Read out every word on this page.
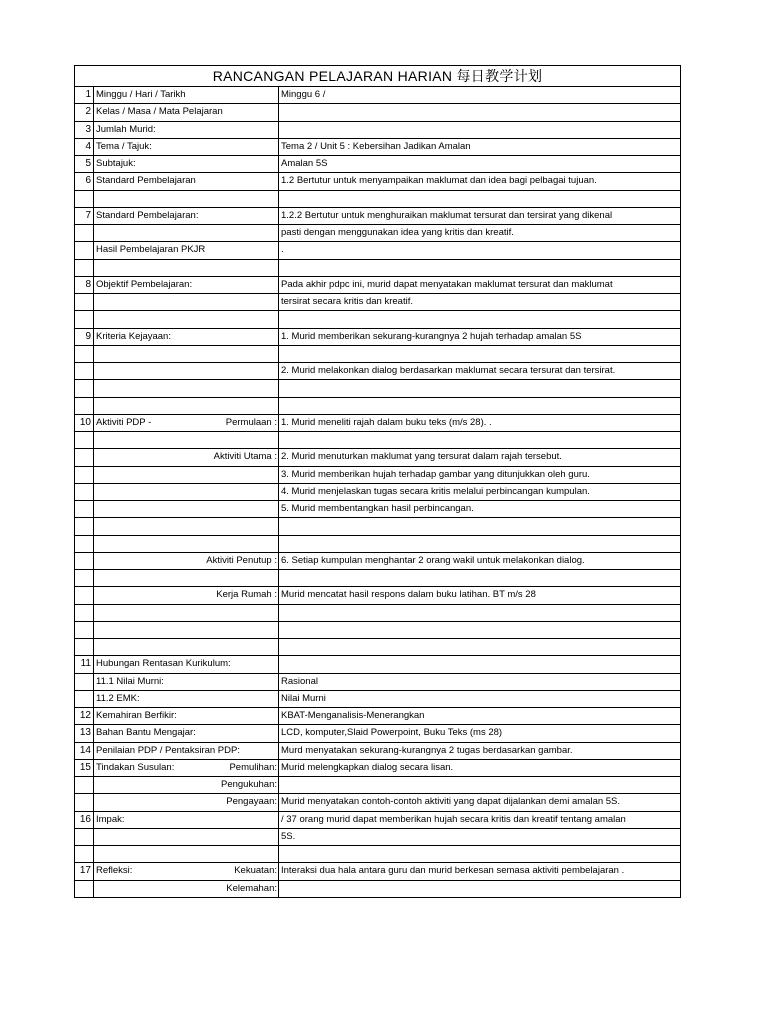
RANCANGAN PELAJARAN HARIAN 每日教学计划
1 Minggu / Hari / Tarikh	Minggu 6 /
2 Kelas / Masa / Mata Pelajaran
3 Jumlah Murid:
4 Tema / Tajuk:	Tema 2 / Unit 5 : Kebersihan Jadikan Amalan
5 Subtajuk:	Amalan 5S
6 Standard Pembelajaran	1.2 Bertutur untuk menyampaikan maklumat dan idea bagi pelbagai tujuan.
7 Standard Pembelajaran:	1.2.2 Bertutur untuk menghuraikan maklumat tersurat dan tersirat yang dikenal
pasti dengan menggunakan idea yang kritis dan kreatif.
Hasil Pembelajaran PKJR	.
8 Objektif Pembelajaran:	Pada akhir pdpc ini, murid dapat menyatakan maklumat tersurat dan maklumat
tersirat secara kritis dan kreatif.
9 Kriteria Kejayaan:	1. Murid memberikan sekurang-kurangnya 2 hujah terhadap amalan 5S
2. Murid melakonkan dialog berdasarkan maklumat secara tersurat dan tersirat.
10 Aktiviti PDP -	Permulaan : 1. Murid meneliti rajah dalam buku teks (m/s 28). .
Aktiviti Utama : 2. Murid menuturkan maklumat yang tersurat dalam rajah tersebut.
3. Murid memberikan hujah terhadap gambar yang ditunjukkan oleh guru.
4. Murid menjelaskan tugas secara kritis melalui perbincangan kumpulan.
5. Murid membentangkan hasil perbincangan.
Aktiviti Penutup : 6. Setiap kumpulan menghantar 2 orang wakil untuk melakonkan dialog.
Kerja Rumah : Murid mencatat hasil respons dalam buku latihan. BT m/s 28
11 Hubungan Rentasan Kurikulum:
11.1 Nilai Murni:	Rasional
11.2 EMK:	Nilai Murni
12 Kemahiran Berfikir:	KBAT-Menganalisis-Menerangkan
13 Bahan Bantu Mengajar:	LCD, komputer,Slaid Powerpoint, Buku Teks (ms 28)
14 Penilaian PDP / Pentaksiran PDP:	Murd menyatakan sekurang-kurangnya 2 tugas berdasarkan gambar.
15 Tindakan Susulan:	Pemulihan: Murid melengkapkan dialog secara lisan.
Pengukuhan:
Pengayaan: Murid menyatakan contoh-contoh aktiviti yang dapat dijalankan demi amalan 5S.
16 Impak:	/ 37 orang murid dapat memberikan hujah secara kritis dan kreatif tentang amalan
5S.
17 Refleksi:	Kekuatan: Interaksi dua hala antara guru dan murid berkesan semasa aktiviti pembelajaran .
Kelemahan:
